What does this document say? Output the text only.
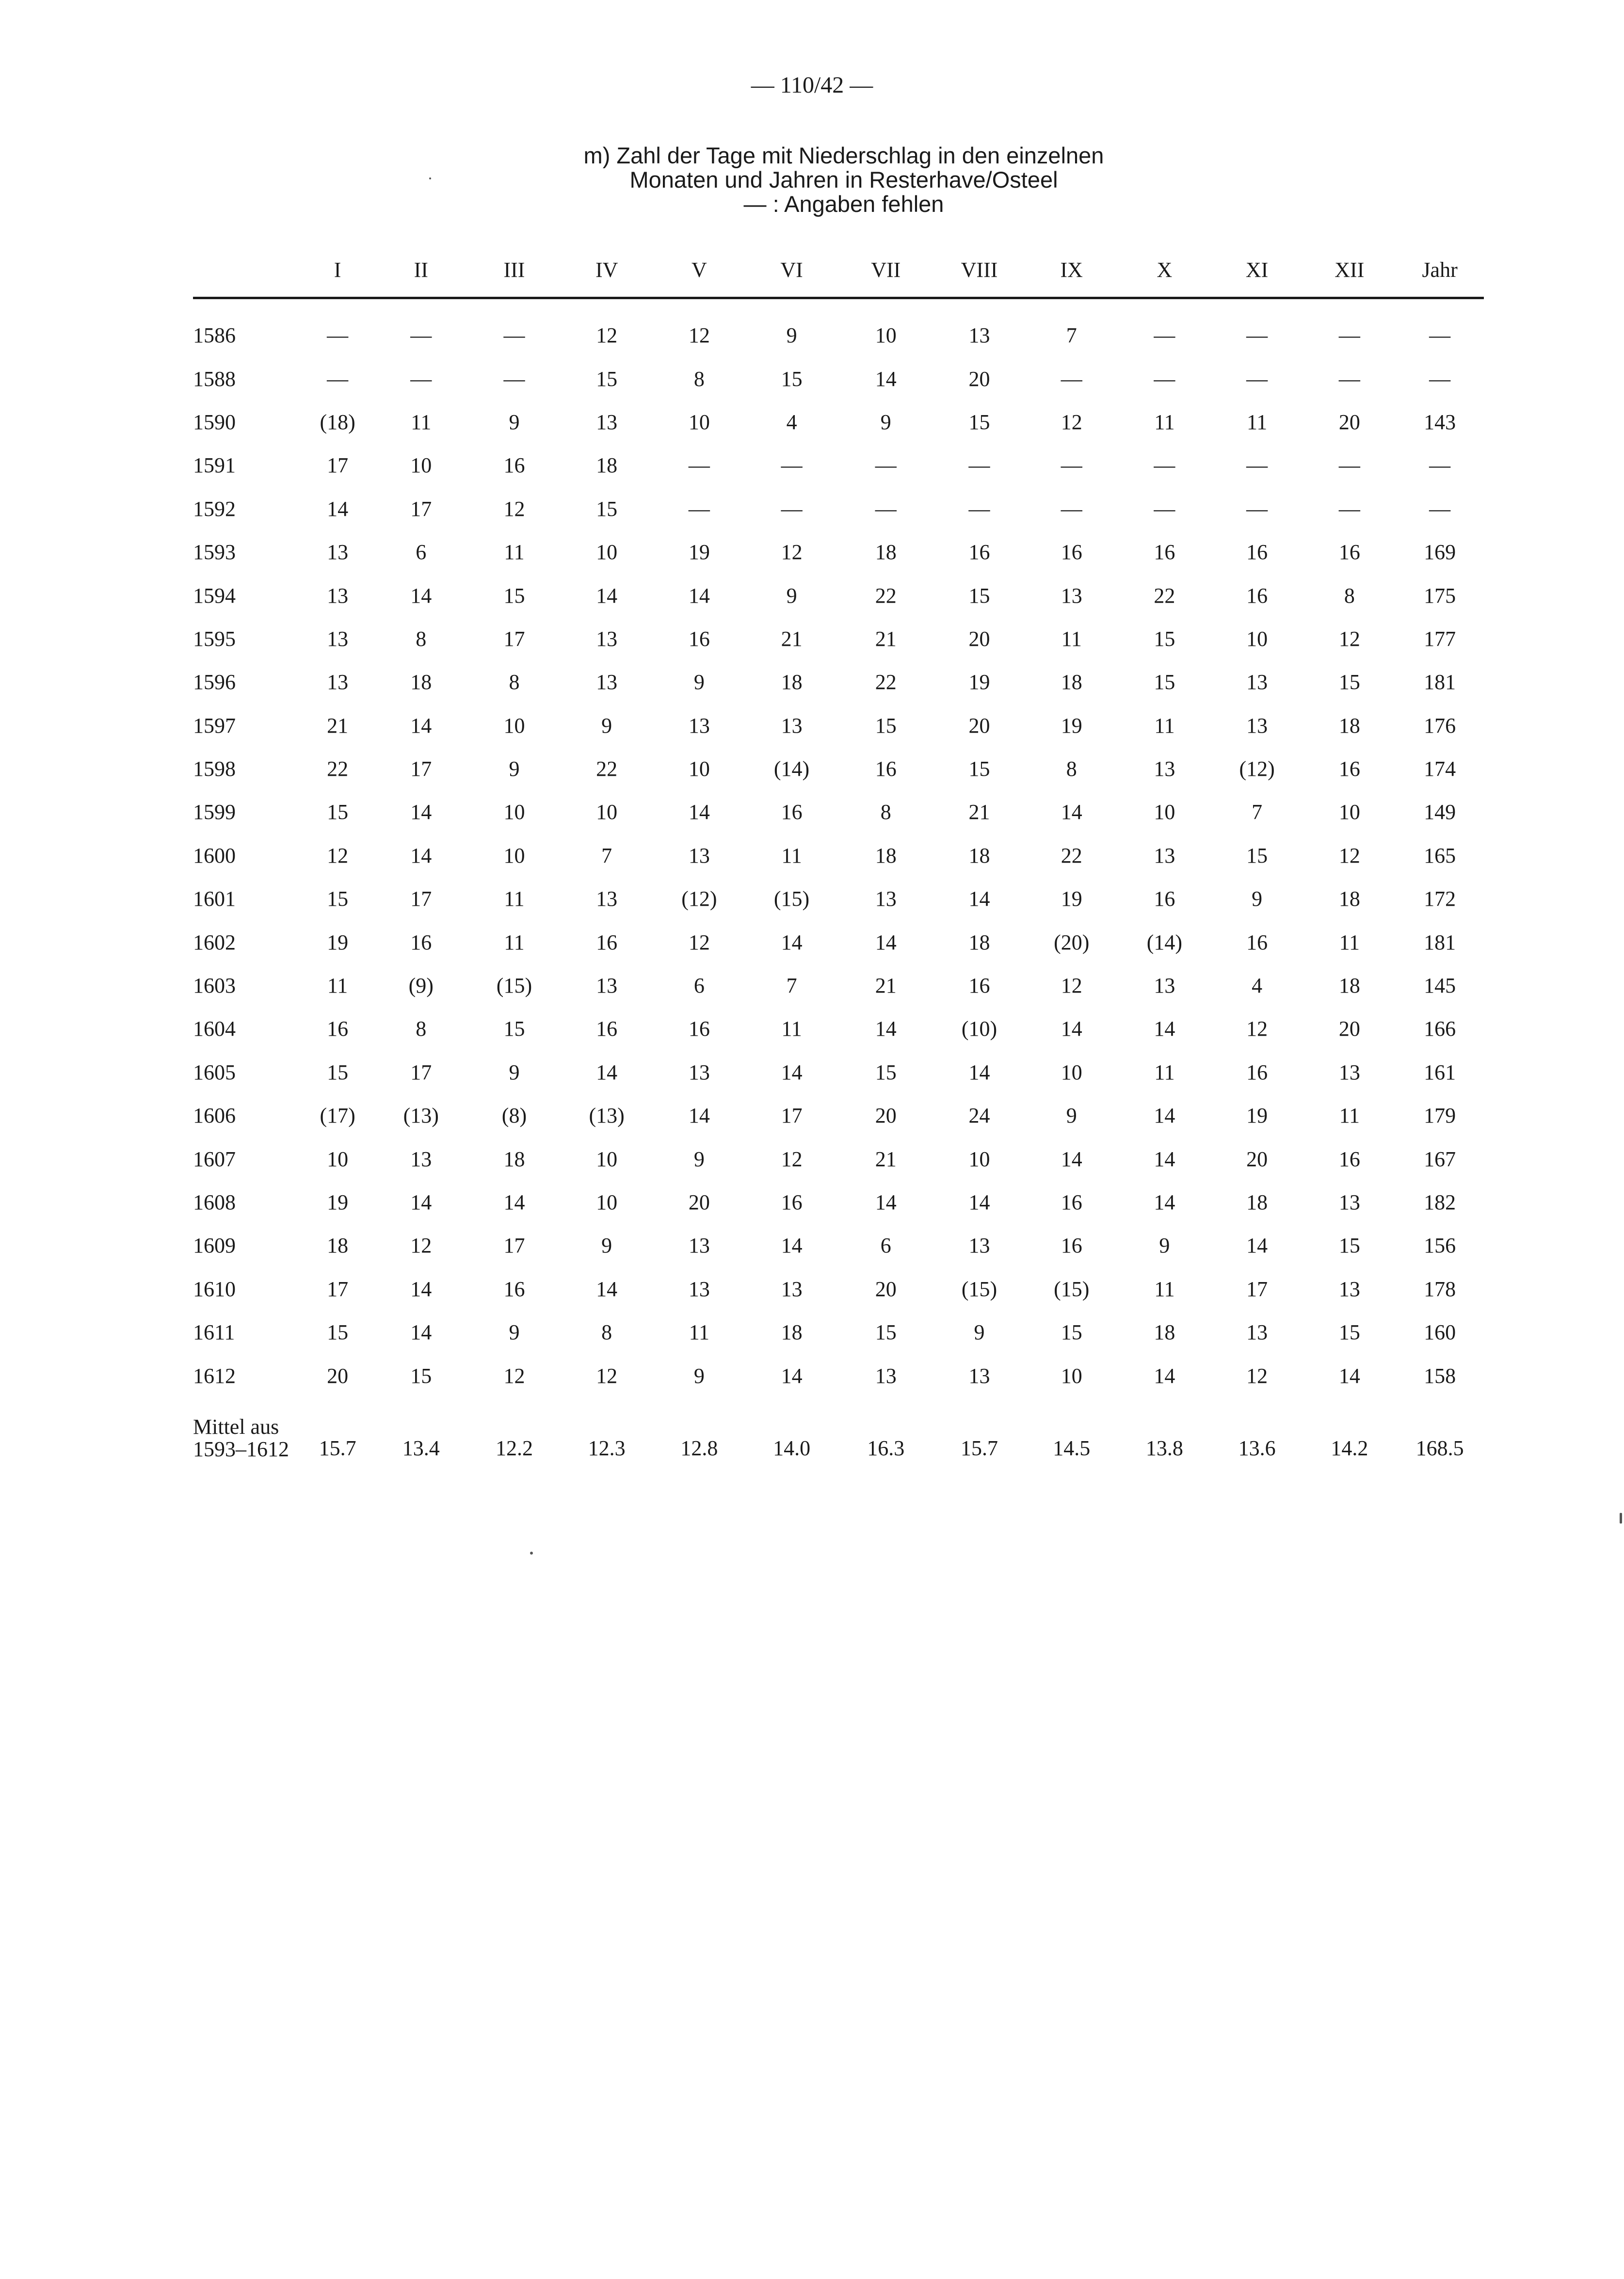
— 110/42 —
m) Zahl der Tage mit Niederschlag in den einzelnen
Monaten und Jahren in Resterhave/Osteel
— : Angaben fehlen
	I	II	III	IV	V	VI	VII	VIII	IX	X	XI	XII	Jahr
1586	—	—	—	12	12	9	10	13	7	—	—	—	—
1588	—	—	—	15	8	15	14	20	—	—	—	—	—
1590	(18)	11	9	13	10	4	9	15	12	11	11	20	143
1591	17	10	16	18	—	—	—	—	—	—	—	—	—
1592	14	17	12	15	—	—	—	—	—	—	—	—	—
1593	13	6	11	10	19	12	18	16	16	16	16	16	169
1594	13	14	15	14	14	9	22	15	13	22	16	8	175
1595	13	8	17	13	16	21	21	20	11	15	10	12	177
1596	13	18	8	13	9	18	22	19	18	15	13	15	181
1597	21	14	10	9	13	13	15	20	19	11	13	18	176
1598	22	17	9	22	10	(14)	16	15	8	13	(12)	16	174
1599	15	14	10	10	14	16	8	21	14	10	7	10	149
1600	12	14	10	7	13	11	18	18	22	13	15	12	165
1601	15	17	11	13	(12)	(15)	13	14	19	16	9	18	172
1602	19	16	11	16	12	14	14	18	(20)	(14)	16	11	181
1603	11	(9)	(15)	13	6	7	21	16	12	13	4	18	145
1604	16	8	15	16	16	11	14	(10)	14	14	12	20	166
1605	15	17	9	14	13	14	15	14	10	11	16	13	161
1606	(17)	(13)	(8)	(13)	14	17	20	24	9	14	19	11	179
1607	10	13	18	10	9	12	21	10	14	14	20	16	167
1608	19	14	14	10	20	16	14	14	16	14	18	13	182
1609	18	12	17	9	13	14	6	13	16	9	14	15	156
1610	17	14	16	14	13	13	20	(15)	(15)	11	17	13	178
1611	15	14	9	8	11	18	15	9	15	18	13	15	160
1612	20	15	12	12	9	14	13	13	10	14	12	14	158

Mittel aus
1593–1612	15.7	13.4	12.2	12.3	12.8	14.0	16.3	15.7	14.5	13.8	13.6	14.2	168.5
